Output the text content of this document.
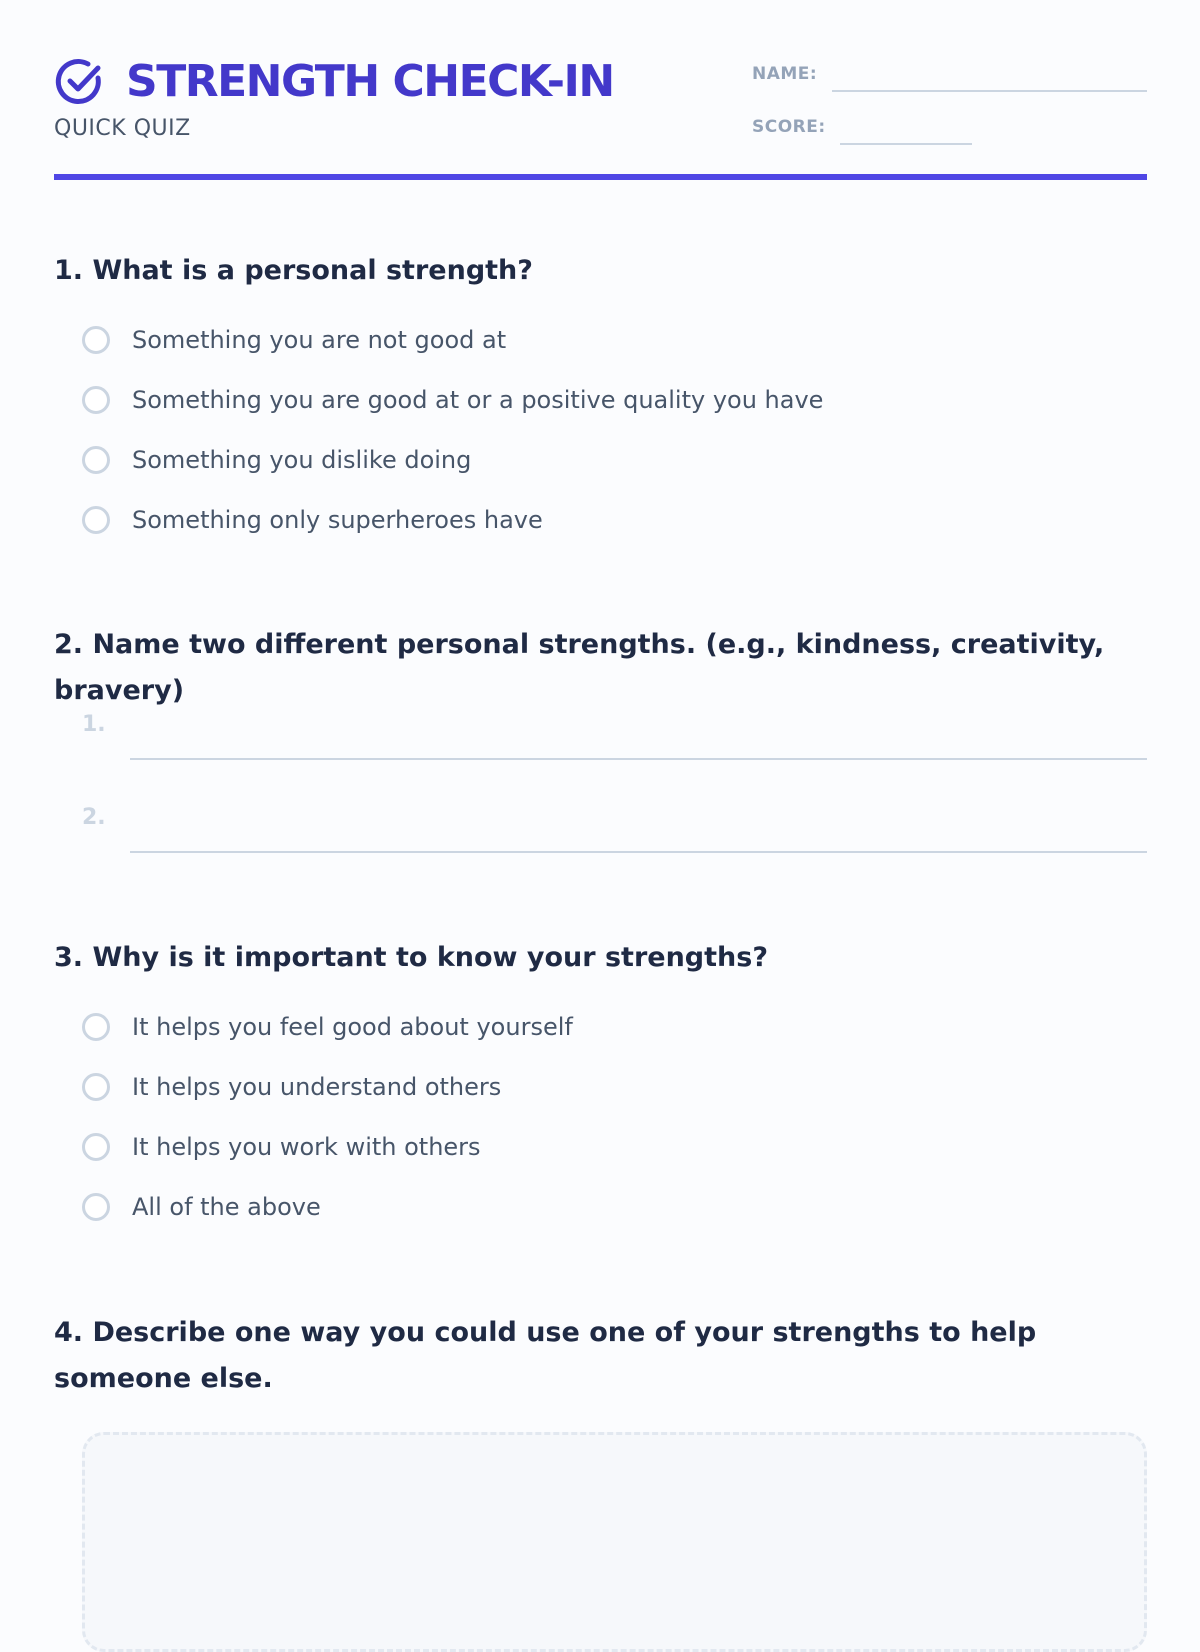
STRENGTH CHECK-IN
QUICK QUIZ
NAME:
SCORE:
1. What is a personal strength?
Something you are not good at
Something you are good at or a positive quality you have
Something you dislike doing
Something only superheroes have
2. Name two different personal strengths. (e.g., kindness, creativity, bravery)
1.
2.
3. Why is it important to know your strengths?
It helps you feel good about yourself
It helps you understand others
It helps you work with others
All of the above
4. Describe one way you could use one of your strengths to help someone else.
